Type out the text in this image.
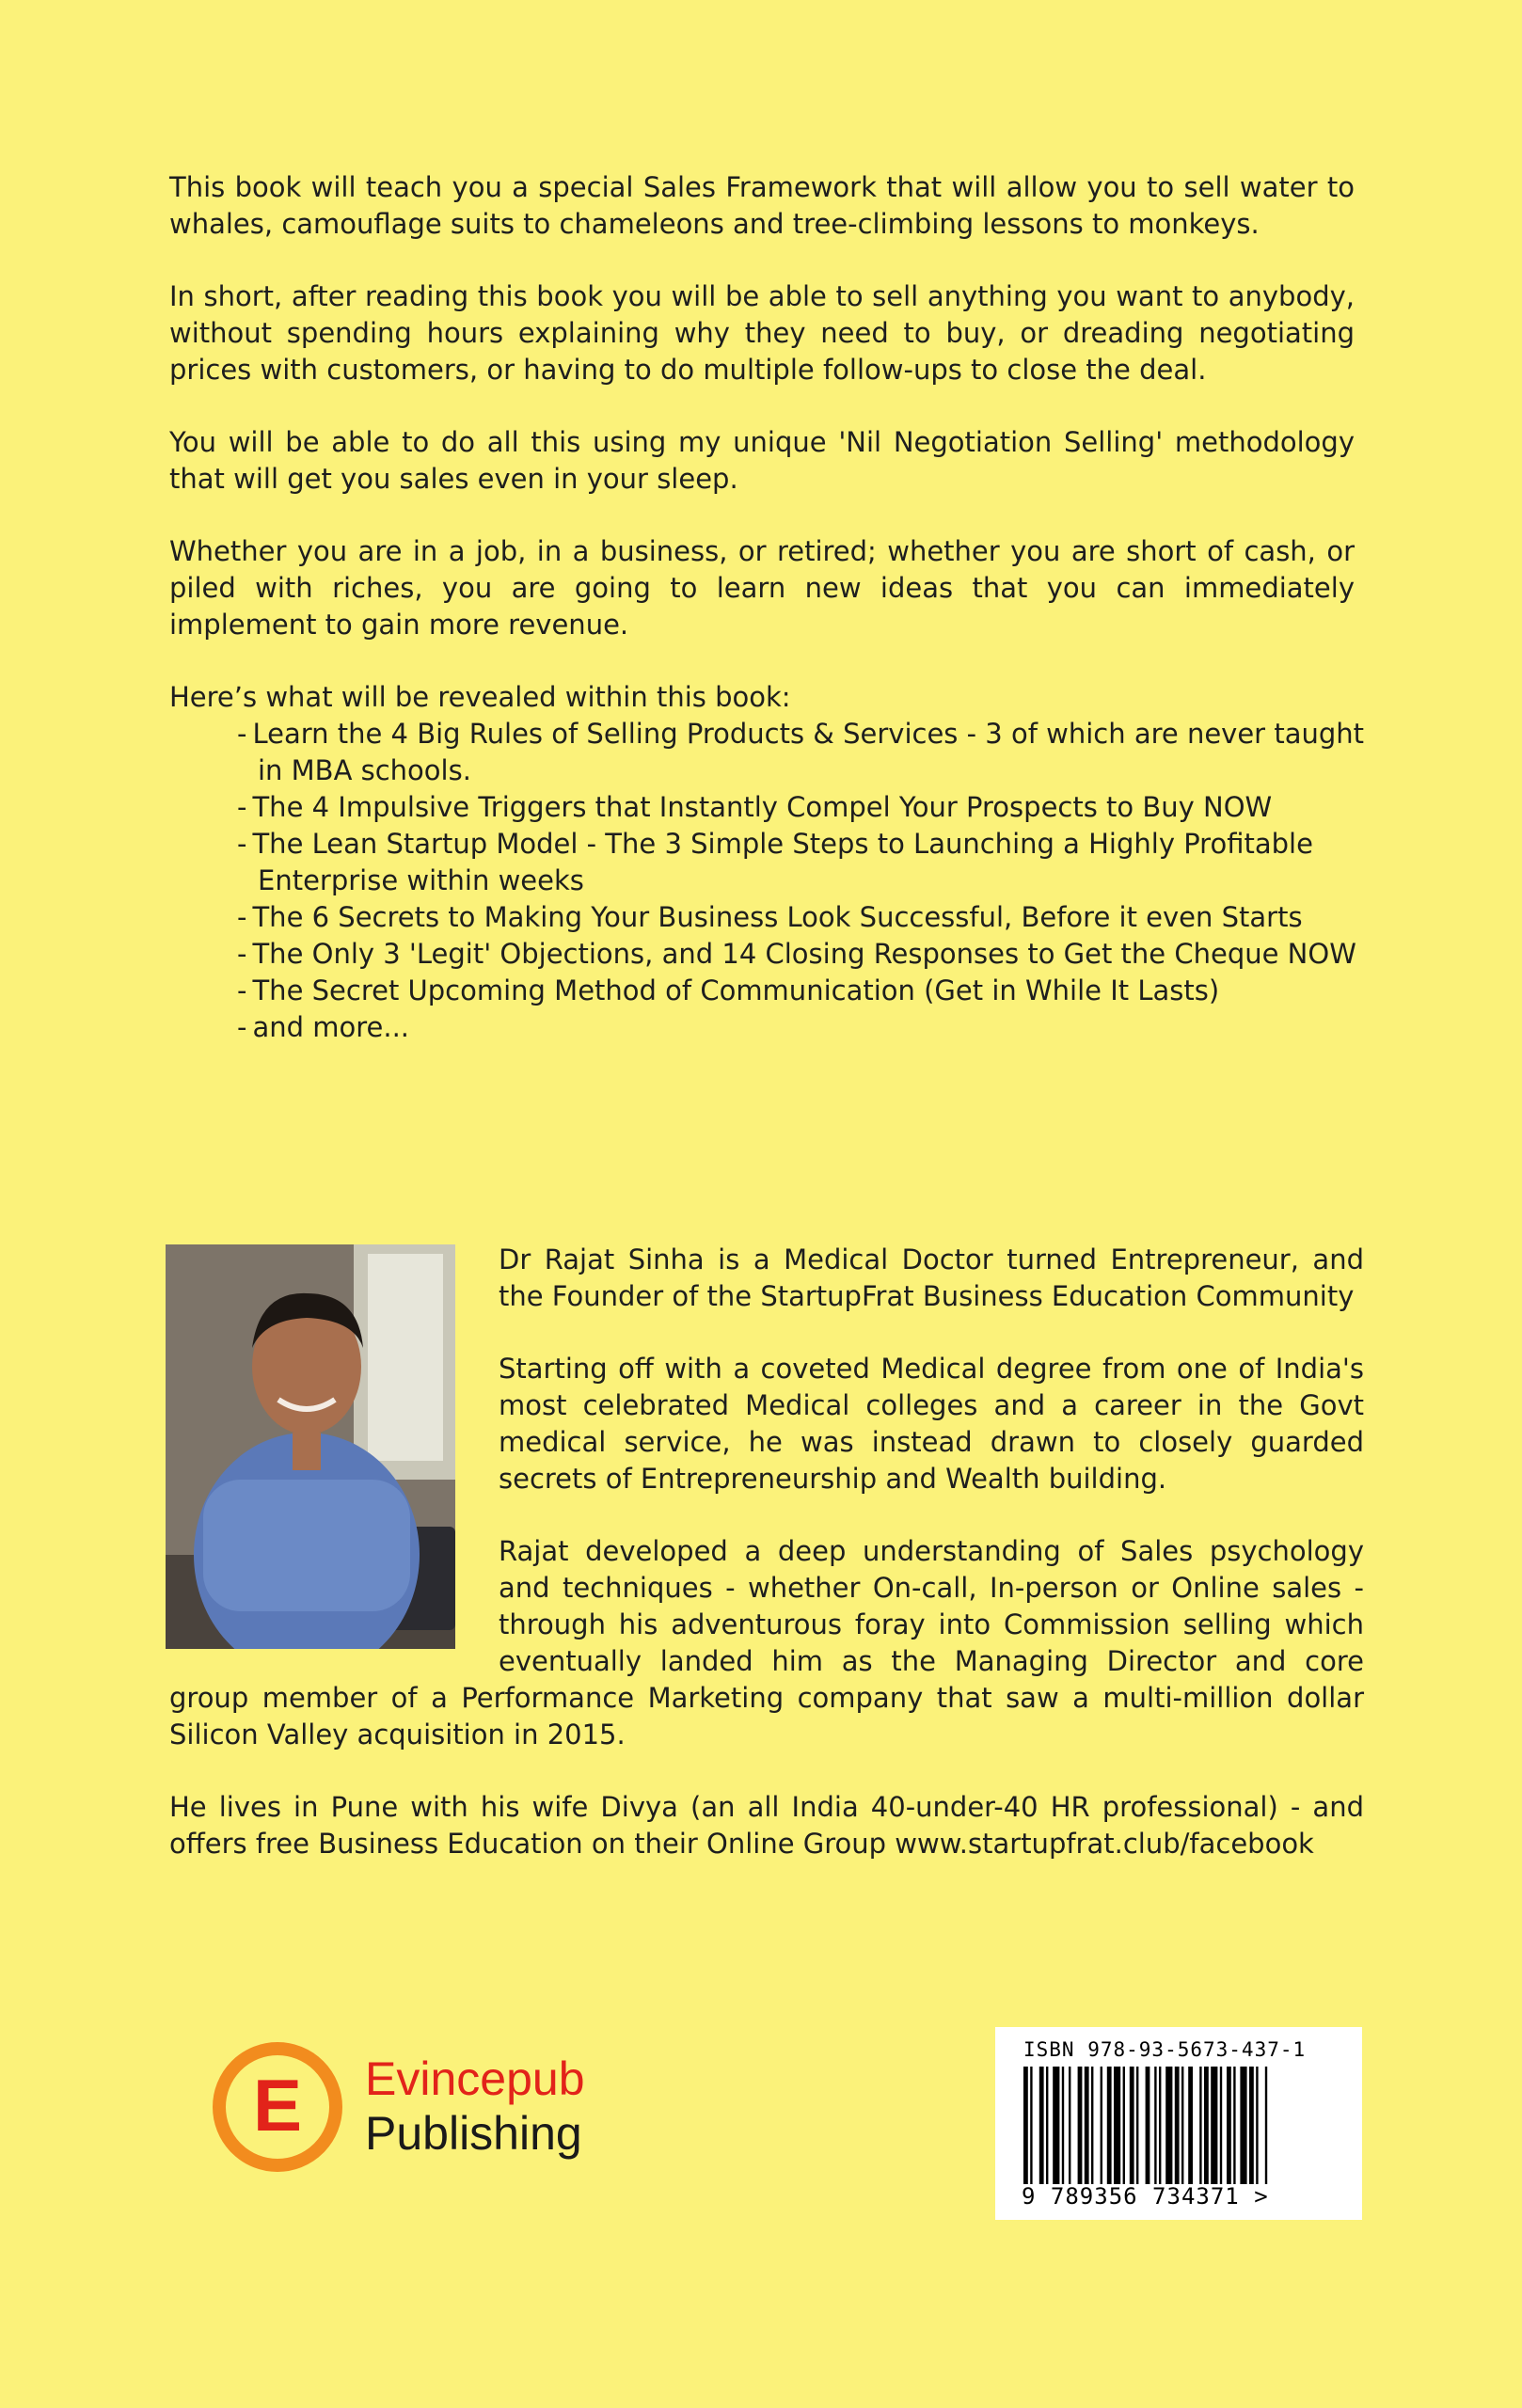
This book will teach you a special Sales Framework that will allow you to sell water to whales, camouflage suits to chameleons and tree-climbing lessons to monkeys.

In short, after reading this book you will be able to sell anything you want to anybody, without spending hours explaining why they need to buy, or dreading negotiating prices with customers, or having to do multiple follow-ups to close the deal.

You will be able to do all this using my unique 'Nil Negotiation Selling' methodology that will get you sales even in your sleep.

Whether you are in a job, in a business, or retired; whether you are short of cash, or piled with riches, you are going to learn new ideas that you can immediately implement to gain more revenue.

Here’s what will be revealed within this book:

- Learn the 4 Big Rules of Selling Products & Services - 3 of which are never taught in MBA schools.
- The 4 Impulsive Triggers that Instantly Compel Your Prospects to Buy NOW
- The Lean Startup Model - The 3 Simple Steps to Launching a Highly Profitable Enterprise within weeks
- The 6 Secrets to Making Your Business Look Successful, Before it even Starts
- The Only 3 'Legit' Objections, and 14 Closing Responses to Get the Cheque NOW
- The Secret Upcoming Method of Communication (Get in While It Lasts)
- and more...

Dr Rajat Sinha is a Medical Doctor turned Entrepreneur, and the Founder of the StartupFrat Business Education Community

Starting off with a coveted Medical degree from one of India's most celebrated Medical colleges and a career in the Govt medical service, he was instead drawn to closely guarded secrets of Entrepreneurship and Wealth building.

Rajat developed a deep understanding of Sales psychology and techniques - whether On-call, In-person or Online sales - through his adventurous foray into Commission selling which eventually landed him as the Managing Director and core group member of a Performance Marketing company that saw a multi-million dollar Silicon Valley acquisition in 2015.

He lives in Pune with his wife Divya (an all India 40-under-40 HR professional) - and offers free Business Education on their Online Group www.startupfrat.club/facebook

E Evincepub
Publishing
ISBN 978-93-5673-437-1
9 789356 734371 >
